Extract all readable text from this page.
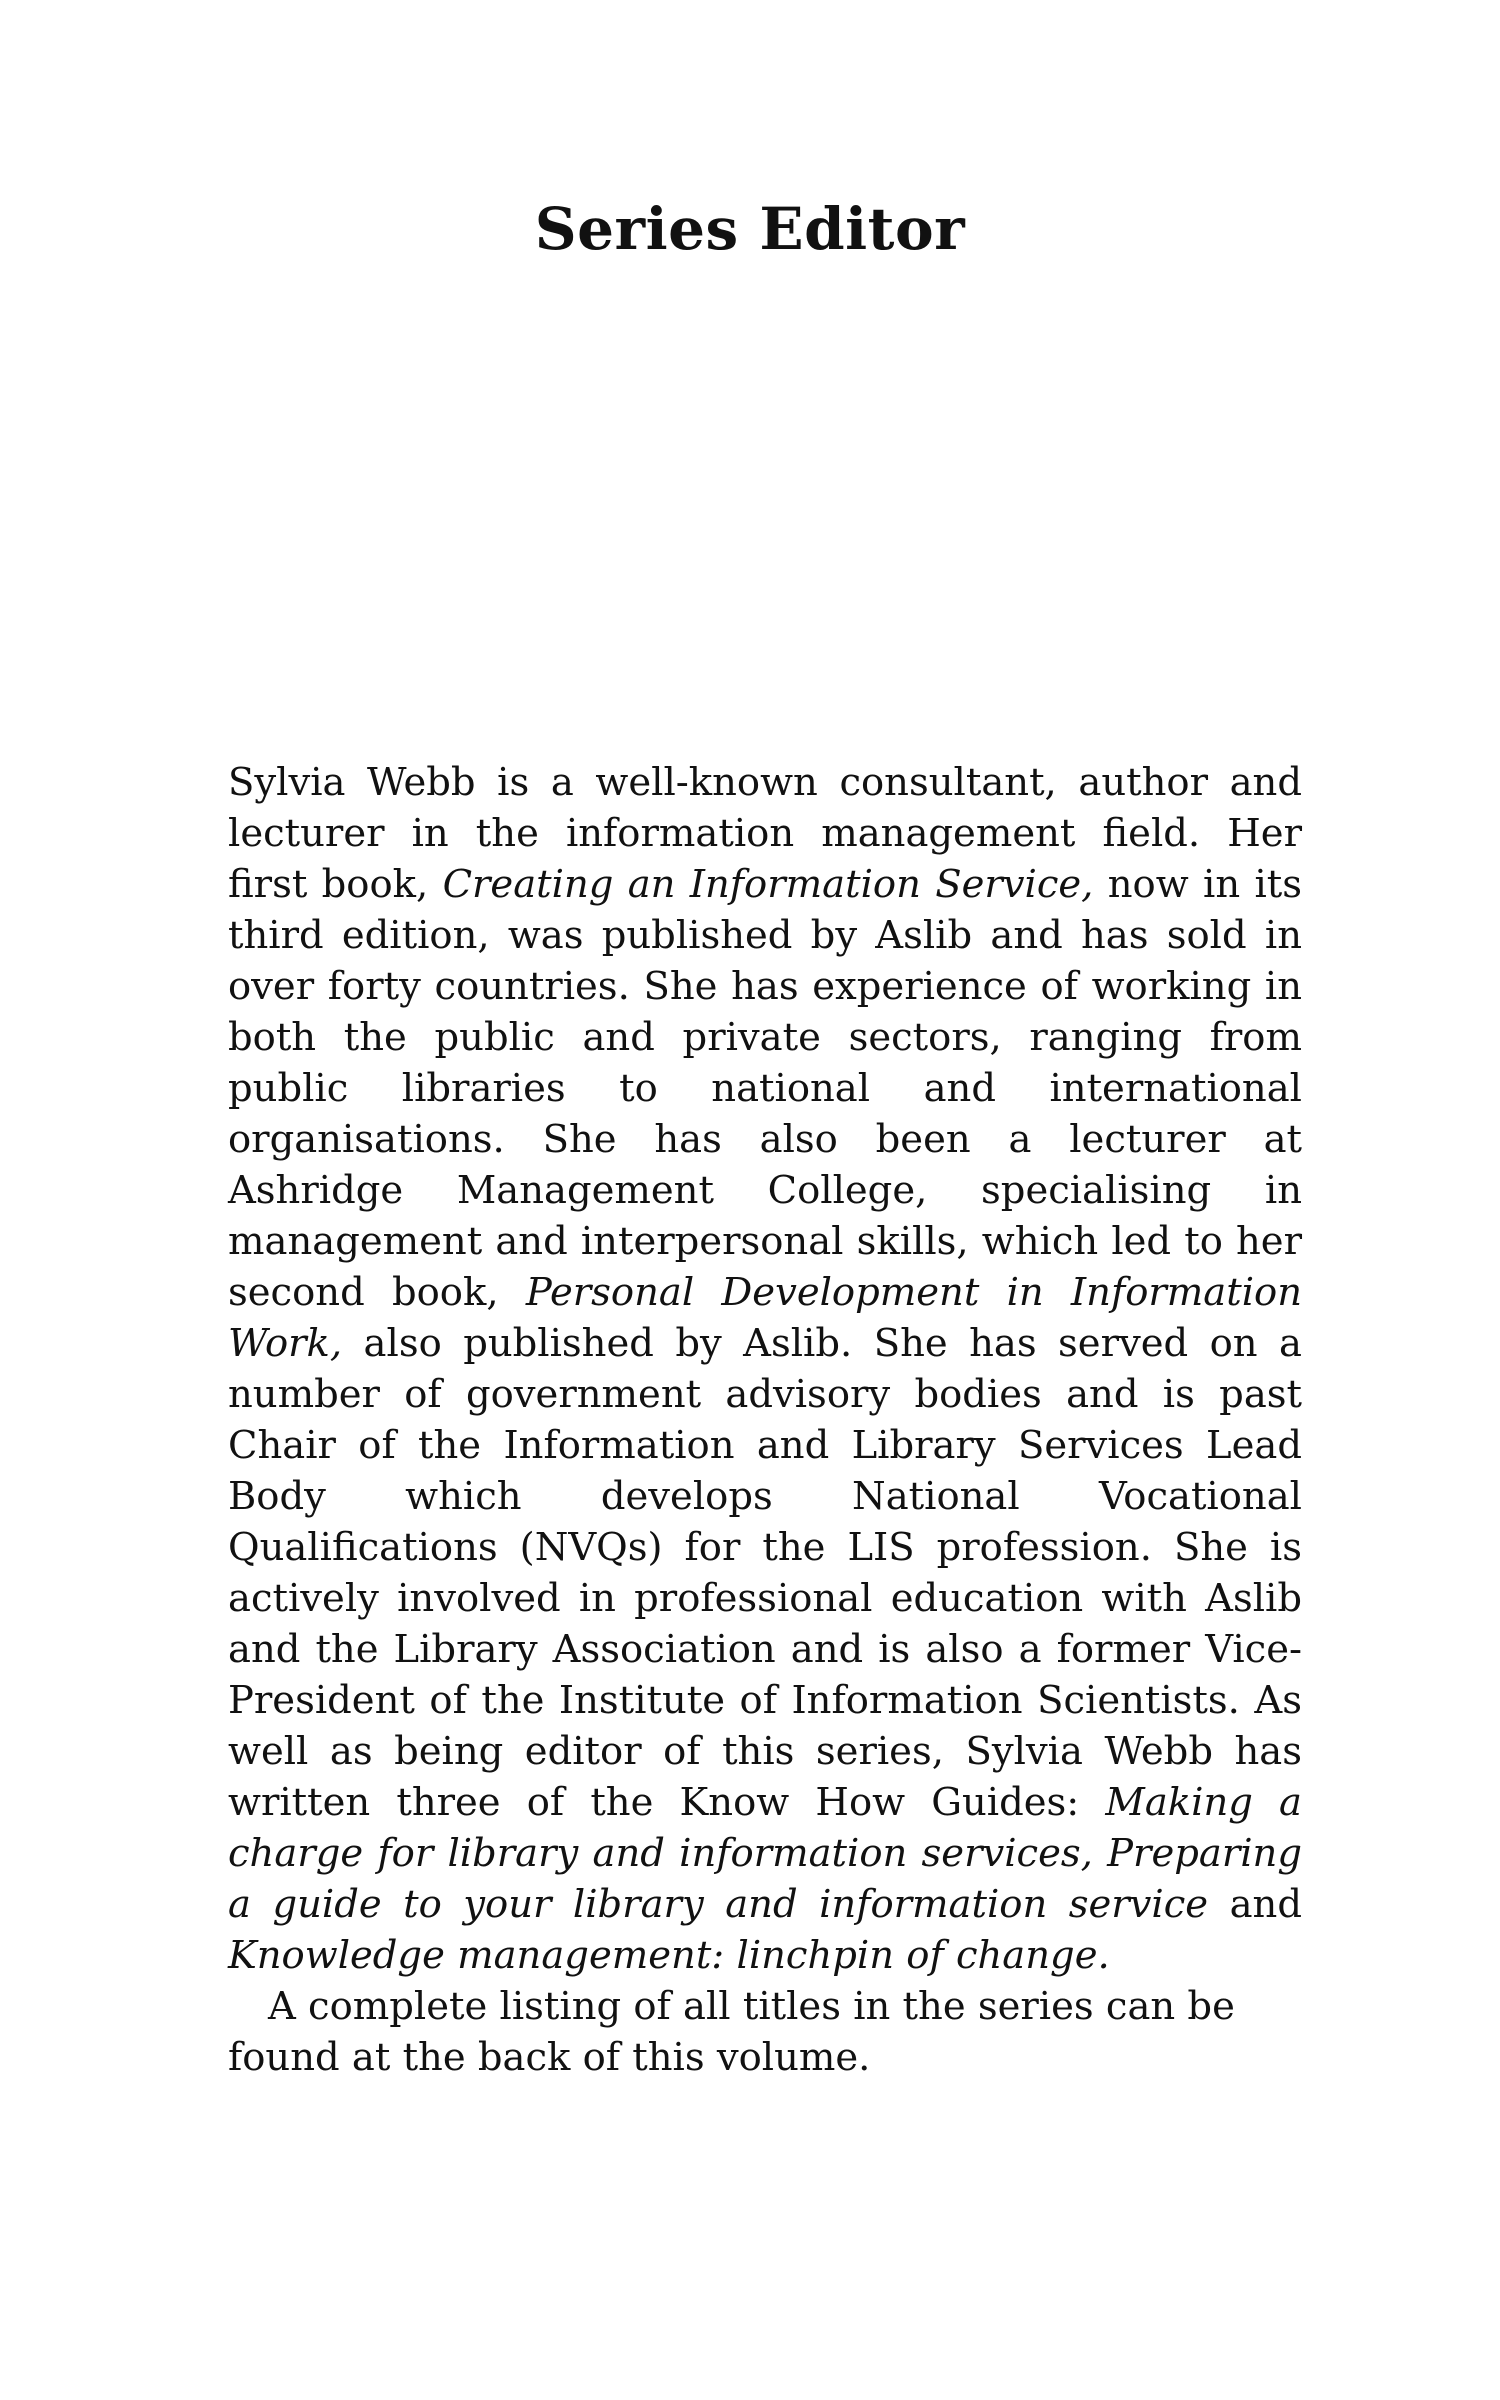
Series Editor

Sylvia Webb is a well-known consultant, author and lecturer in the information management field. Her first book, Creating an Information Service, now in its third edition, was published by Aslib and has sold in over forty countries. She has experience of working in both the public and private sectors, ranging from public libraries to national and international organisations. She has also been a lecturer at Ashridge Management College, specialising in management and interpersonal skills, which led to her second book, Personal Development in Information Work, also published by Aslib. She has served on a number of government advisory bodies and is past Chair of the Information and Library Services Lead Body which develops National Vocational Qualifications (NVQs) for the LIS profession. She is actively involved in professional education with Aslib and the Library Association and is also a former Vice-President of the Institute of Information Scientists. As well as being editor of this series, Sylvia Webb has written three of the Know How Guides: Making a charge for library and information services, Preparing a guide to your library and information service and Knowledge management: linchpin of change.

A complete listing of all titles in the series can be found at the back of this volume.
